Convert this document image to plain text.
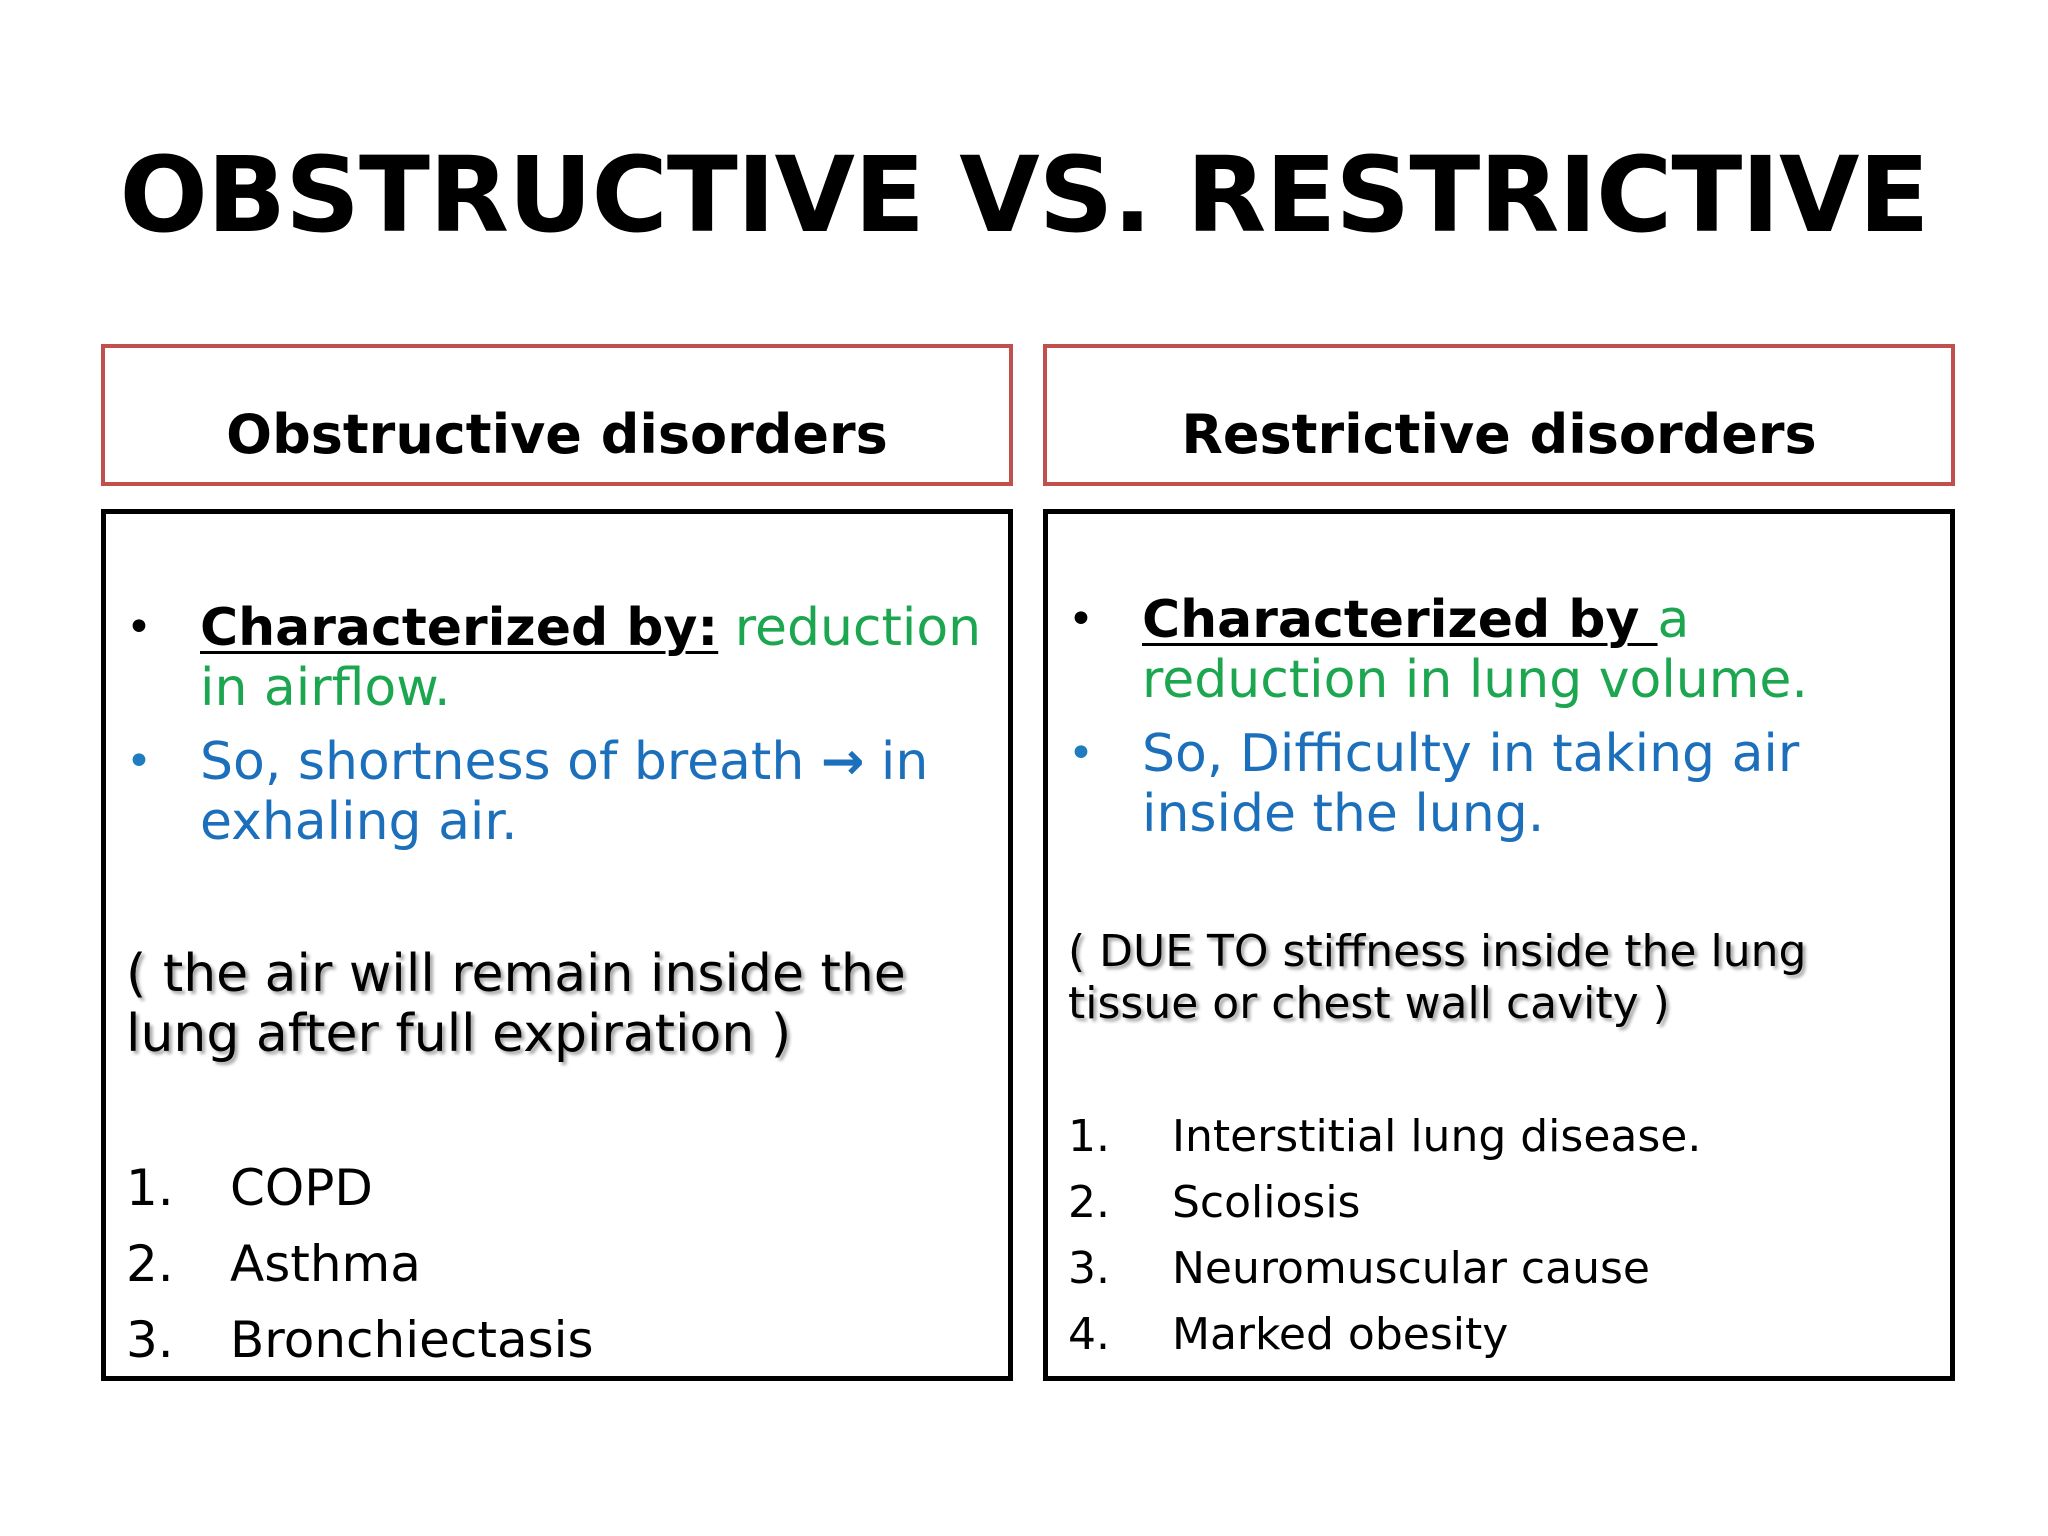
OBSTRUCTIVE VS. RESTRICTIVE
Obstructive disorders
• Characterized by: reduction in airflow.
• So, shortness of breath → in exhaling air.
( the air will remain inside the lung after full expiration )
1. COPD
2. Asthma
3. Bronchiectasis
Restrictive disorders
• Characterized by a reduction in lung volume.
• So, Difficulty in taking air inside the lung.
( DUE TO stiffness inside the lung tissue or chest wall cavity )
1. Interstitial lung disease.
2. Scoliosis
3. Neuromuscular cause
4. Marked obesity
